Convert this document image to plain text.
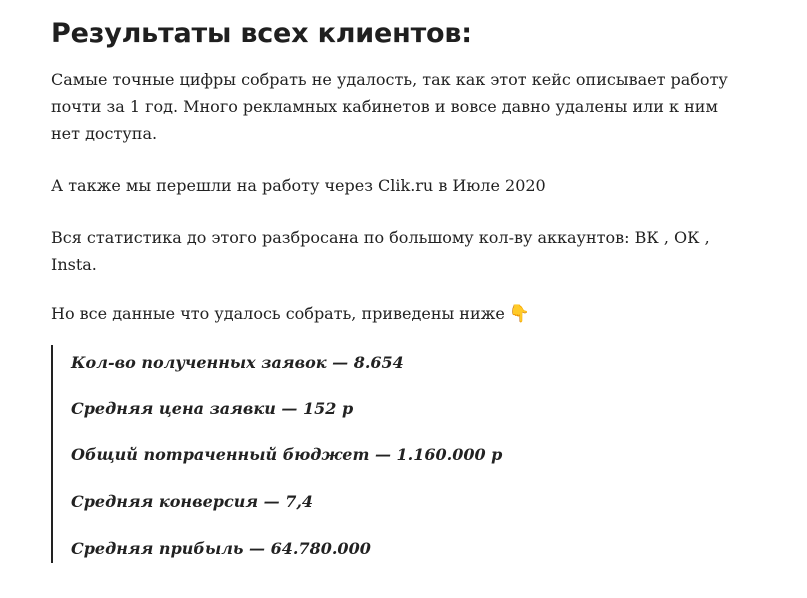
Результаты всех клиентов:

Самые точные цифры собрать не удалость, так как этот кейс описывает работу почти за 1 год. Много рекламных кабинетов и вовсе давно удалены или к ним нет доступа.

А также мы перешли на работу через Clik.ru в Июле 2020

Вся статистика до этого разбросана по большому кол-ву аккаунтов: ВК , ОК , Insta.

Но все данные что удалось собрать, приведены ниже 👇

Кол-во полученных заявок — 8.654

Средняя цена заявки — 152 р

Общий потраченный бюджет — 1.160.000 р

Средняя конверсия — 7,4

Средняя прибыль — 64.780.000
